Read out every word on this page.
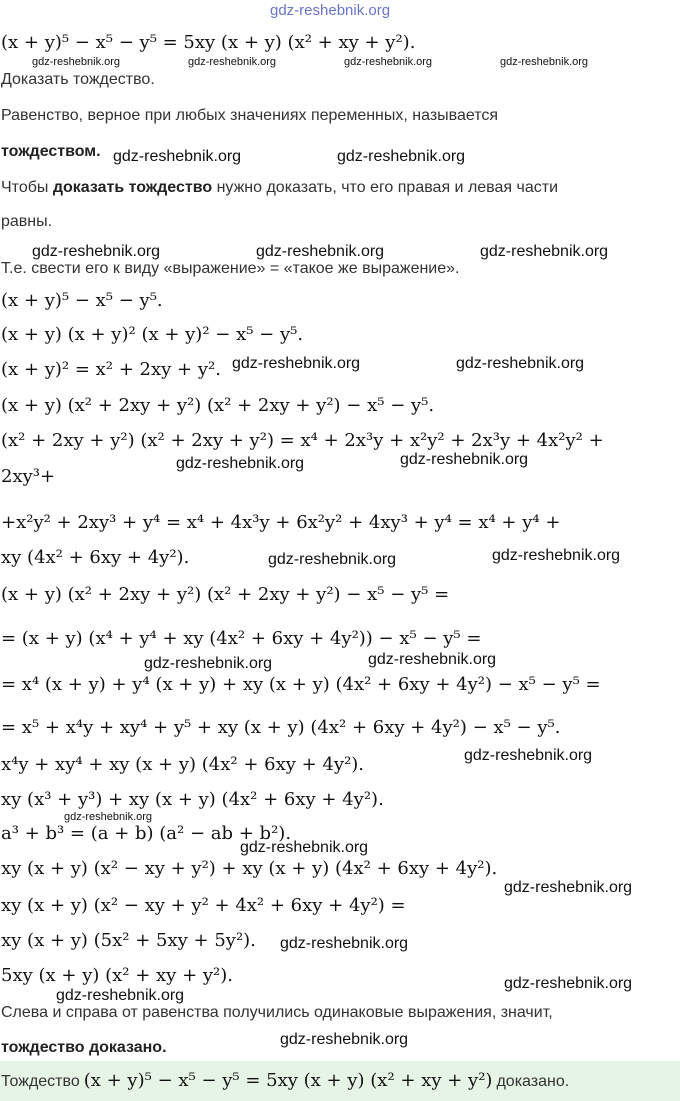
gdz-reshebnik.org
(x + y)⁵ − x⁵ − y⁵ = 5xy (x + y) (x² + xy + y²).
gdz-reshebnik.org	gdz-reshebnik.org	gdz-reshebnik.org	gdz-reshebnik.org
Доказать тождество.
Равенство, верное при любых значениях переменных, называется
тождеством. gdz-reshebnik.org	gdz-reshebnik.org
Чтобы доказать тождество нужно доказать, что его правая и левая части
равны.
gdz-reshebnik.org	gdz-reshebnik.org	gdz-reshebnik.org
Т.е. свести его к виду «выражение» = «такое же выражение».
(x + y)⁵ − x⁵ − y⁵.
(x + y) (x + y)² (x + y)² − x⁵ − y⁵.
(x + y)² = x² + 2xy + y². gdz-reshebnik.org	gdz-reshebnik.org
(x + y) (x² + 2xy + y²) (x² + 2xy + y²) − x⁵ − y⁵.
(x² + 2xy + y²) (x² + 2xy + y²) = x⁴ + 2x³y + x²y² + 2x³y + 4x²y² +
gdz-reshebnik.org	gdz-reshebnik.org
2xy³+
+x²y² + 2xy³ + y⁴ = x⁴ + 4x³y + 6x²y² + 4xy³ + y⁴ = x⁴ + y⁴ +
xy (4x² + 6xy + 4y²).	gdz-reshebnik.org	gdz-reshebnik.org
(x + y) (x² + 2xy + y²) (x² + 2xy + y²) − x⁵ − y⁵ =
= (x + y) (x⁴ + y⁴ + xy (4x² + 6xy + 4y²)) − x⁵ − y⁵ =
gdz-reshebnik.org	gdz-reshebnik.org
= x⁴ (x + y) + y⁴ (x + y) + xy (x + y) (4x² + 6xy + 4y²) − x⁵ − y⁵ =
= x⁵ + x⁴y + xy⁴ + y⁵ + xy (x + y) (4x² + 6xy + 4y²) − x⁵ − y⁵.
gdz-reshebnik.org
x⁴y + xy⁴ + xy (x + y) (4x² + 6xy + 4y²).
xy (x³ + y³) + xy (x + y) (4x² + 6xy + 4y²).
gdz-reshebnik.org
a³ + b³ = (a + b) (a² − ab + b²).
gdz-reshebnik.org
xy (x + y) (x² − xy + y²) + xy (x + y) (4x² + 6xy + 4y²).
gdz-reshebnik.org
xy (x + y) (x² − xy + y² + 4x² + 6xy + 4y²) =
xy (x + y) (5x² + 5xy + 5y²). gdz-reshebnik.org
5xy (x + y) (x² + xy + y²).	gdz-reshebnik.org
gdz-reshebnik.org
Слева и справа от равенства получились одинаковые выражения, значит,
gdz-reshebnik.org
тождество доказано.
Тождество (x + y)⁵ − x⁵ − y⁵ = 5xy (x + y) (x² + xy + y²) доказано.
